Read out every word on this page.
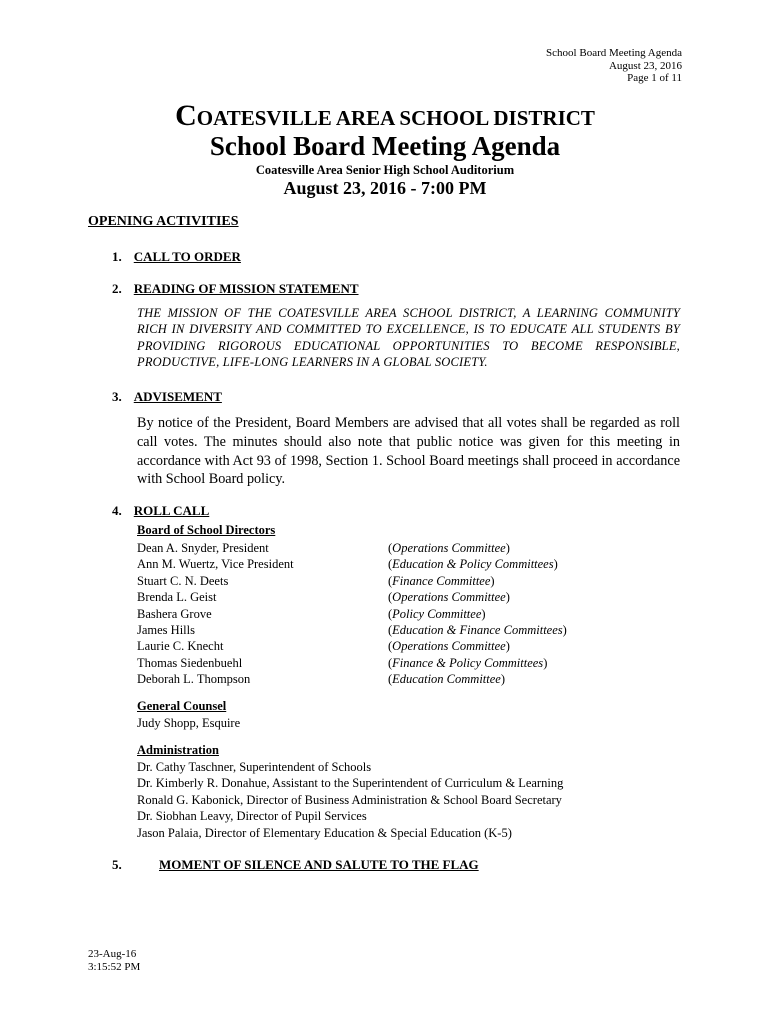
School Board Meeting Agenda
August 23, 2016
Page 1 of 11
COATESVILLE AREA SCHOOL DISTRICT
School Board Meeting Agenda
Coatesville Area Senior High School Auditorium
August 23, 2016 - 7:00 PM
OPENING ACTIVITIES
1. CALL TO ORDER
2. READING OF MISSION STATEMENT
THE MISSION OF THE COATESVILLE AREA SCHOOL DISTRICT, A LEARNING COMMUNITY RICH IN DIVERSITY AND COMMITTED TO EXCELLENCE, IS TO EDUCATE ALL STUDENTS BY PROVIDING RIGOROUS EDUCATIONAL OPPORTUNITIES TO BECOME RESPONSIBLE, PRODUCTIVE, LIFE-LONG LEARNERS IN A GLOBAL SOCIETY.
3. ADVISEMENT
By notice of the President, Board Members are advised that all votes shall be regarded as roll call votes. The minutes should also note that public notice was given for this meeting in accordance with Act 93 of 1998, Section 1. School Board meetings shall proceed in accordance with School Board policy.
4. ROLL CALL
Board of School Directors
Dean A. Snyder, President
Ann M. Wuertz, Vice President
Stuart C. N. Deets
Brenda L. Geist
Bashera Grove
James Hills
Laurie C. Knecht
Thomas Siedenbuehl
Deborah L. Thompson
(Operations Committee)
(Education & Policy Committees)
(Finance Committee)
(Operations Committee)
(Policy Committee)
(Education & Finance Committees)
(Operations Committee)
(Finance & Policy Committees)
(Education Committee)
General Counsel
Judy Shopp, Esquire
Administration
Dr. Cathy Taschner, Superintendent of Schools
Dr. Kimberly R. Donahue, Assistant to the Superintendent of Curriculum & Learning
Ronald G. Kabonick, Director of Business Administration & School Board Secretary
Dr. Siobhan Leavy, Director of Pupil Services
Jason Palaia, Director of Elementary Education & Special Education (K-5)
5.	MOMENT OF SILENCE AND SALUTE TO THE FLAG
23-Aug-16
3:15:52 PM
